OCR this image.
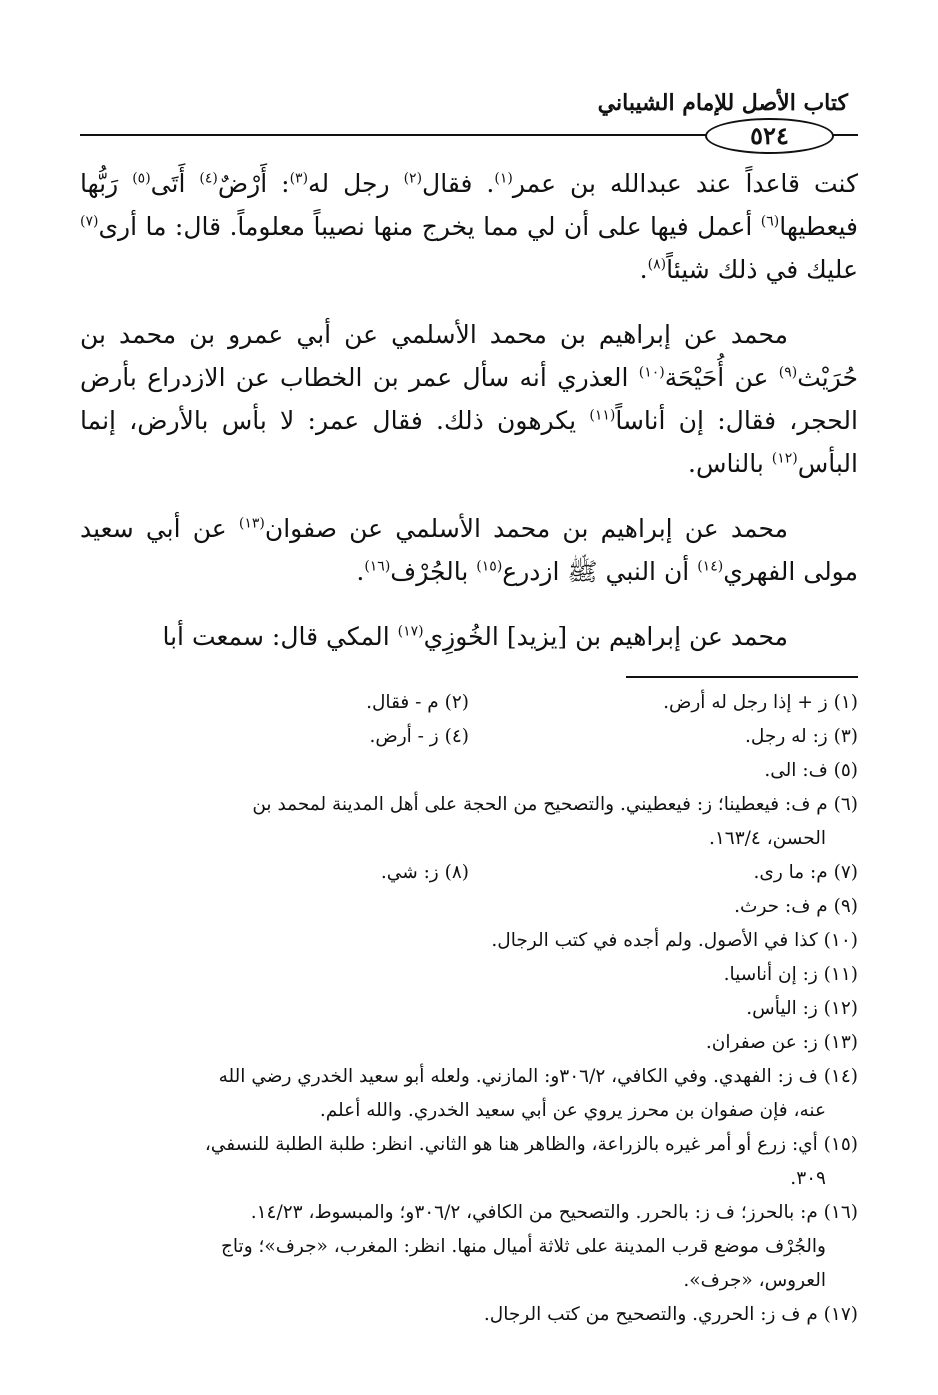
كتاب الأصل للإمام الشيباني
٥٢٤

كنت قاعداً عند عبدالله بن عمر$^{(١)}$. فقال$^{(٢)}$ رجل له$^{(٣)}$: أَرْضٌ$^{(٤)}$ أَتَى$^{(٥)}$ رَبُّها فيعطيها$^{(٦)}$ أعمل فيها على أن لي مما يخرج منها نصيباً معلوماً. قال: ما أرى$^{(٧)}$ عليك في ذلك شيئاً$^{(٨)}$.

محمد عن إبراهيم بن محمد الأسلمي عن أبي عمرو بن محمد بن حُرَيْث$^{(٩)}$ عن أُحَيْحَة$^{(١٠)}$ العذري أنه سأل عمر بن الخطاب عن الازدراع بأرض الحجر، فقال: إن أناساً$^{(١١)}$ يكرهون ذلك. فقال عمر: لا بأس بالأرض، إنما البأس$^{(١٢)}$ بالناس.

محمد عن إبراهيم بن محمد الأسلمي عن صفوان$^{(١٣)}$ عن أبي سعيد مولى الفهري$^{(١٤)}$ أن النبي ﷺ ازدرع$^{(١٥)}$ بالجُرْف$^{(١٦)}$.

محمد عن إبراهيم بن [يزيد] الخُوزِي$^{(١٧)}$ المكي قال: سمعت أبا

(١) ز + إذا رجل له أرض.
(٢) م - فقال.
(٣) ز: له رجل.
(٤) ز - أرض.
(٥) ف: الى.
(٦) م ف: فيعطينا؛ ز: فيعطيني. والتصحيح من الحجة على أهل المدينة لمحمد بن
الحسن، ١٦٣/٤.
(٧) م: ما رى.
(٨) ز: شي.
(٩) م ف: حرث.
(١٠) كذا في الأصول. ولم أجده في كتب الرجال.
(١١) ز: إن أناسيا.
(١٢) ز: اليأس.
(١٣) ز: عن صفران.
(١٤) ف ز: الفهدي. وفي الكافي، ٣٠٦/٢و: المازني. ولعله أبو سعيد الخدري رضي الله
عنه، فإن صفوان بن محرز يروي عن أبي سعيد الخدري. والله أعلم.
(١٥) أي: زرع أو أمر غيره بالزراعة، والظاهر هنا هو الثاني. انظر: طلبة الطلبة للنسفي،
٣٠٩.
(١٦) م: بالحرز؛ ف ز: بالحرر. والتصحيح من الكافي، ٣٠٦/٢و؛ والمبسوط، ١٤/٢٣.
والجُرْف موضع قرب المدينة على ثلاثة أميال منها. انظر: المغرب، «جرف»؛ وتاج
العروس، «جرف».
(١٧) م ف ز: الحرري. والتصحيح من كتب الرجال.
